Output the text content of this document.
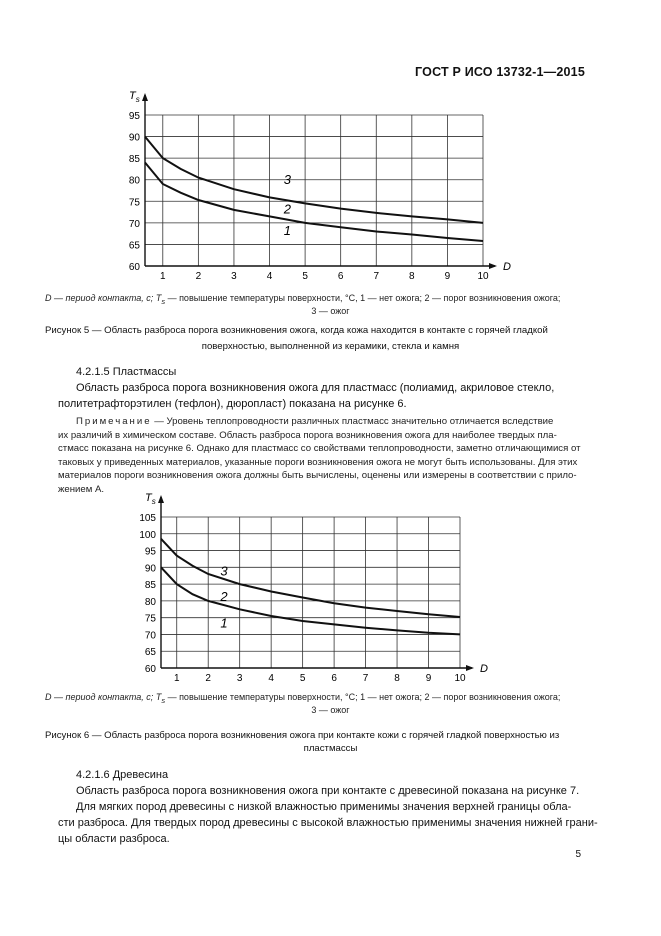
ГОСТ Р ИСО 13732-1—2015
1	2	3	4	5	6	7	8	9	10
60
65
70
75
80
85
90
95
D
$T_s$
3
2
1
D — период контакта, с; $T_s$ — повышение температуры поверхности, °C, 1 — нет ожога; 2 — порог возникновения ожога;
3 — ожог
Рисунок 5 — Область разброса порога возникновения ожога, когда кожа находится в контакте с горячей гладкой
поверхностью, выполненной из керамики, стекла и камня
4.2.1.5 Пластмассы
Область разброса порога возникновения ожога для пластмасс (полиамид, акриловое стекло,
политетрафторэтилен (тефлон), дюропласт) показана на рисунке 6.
Примечание — Уровень теплопроводности различных пластмасс значительно отличается вследствие
их различий в химическом составе. Область разброса порога возникновения ожога для наиболее твердых пла-
стмасс показана на рисунке 6. Однако для пластмасс со свойствами теплопроводности, заметно отличающимися от
таковых у приведенных материалов, указанные пороги возникновения ожога не могут быть использованы. Для этих
материалов пороги возникновения ожога должны быть вычислены, оценены или измерены в соответствии с прило-
жением А.
1	2	3	4	5	6	7	8	9 10
60
65
70
75
80
85
90
95
100
105
D
$T_s$
3
2
1
D — период контакта, с; $T_s$ — повышение температуры поверхности, °C; 1 — нет ожога; 2 — порог возникновения ожога;
3 — ожог
Рисунок 6 — Область разброса порога возникновения ожога при контакте кожи с горячей гладкой поверхностью из
пластмассы
4.2.1.6 Древесина
Область разброса порога возникновения ожога при контакте с древесиной показана на рисунке 7.
Для мягких пород древесины с низкой влажностью применимы значения верхней границы обла-
сти разброса. Для твердых пород древесины с высокой влажностью применимы значения нижней грани-
цы области разброса.
5
